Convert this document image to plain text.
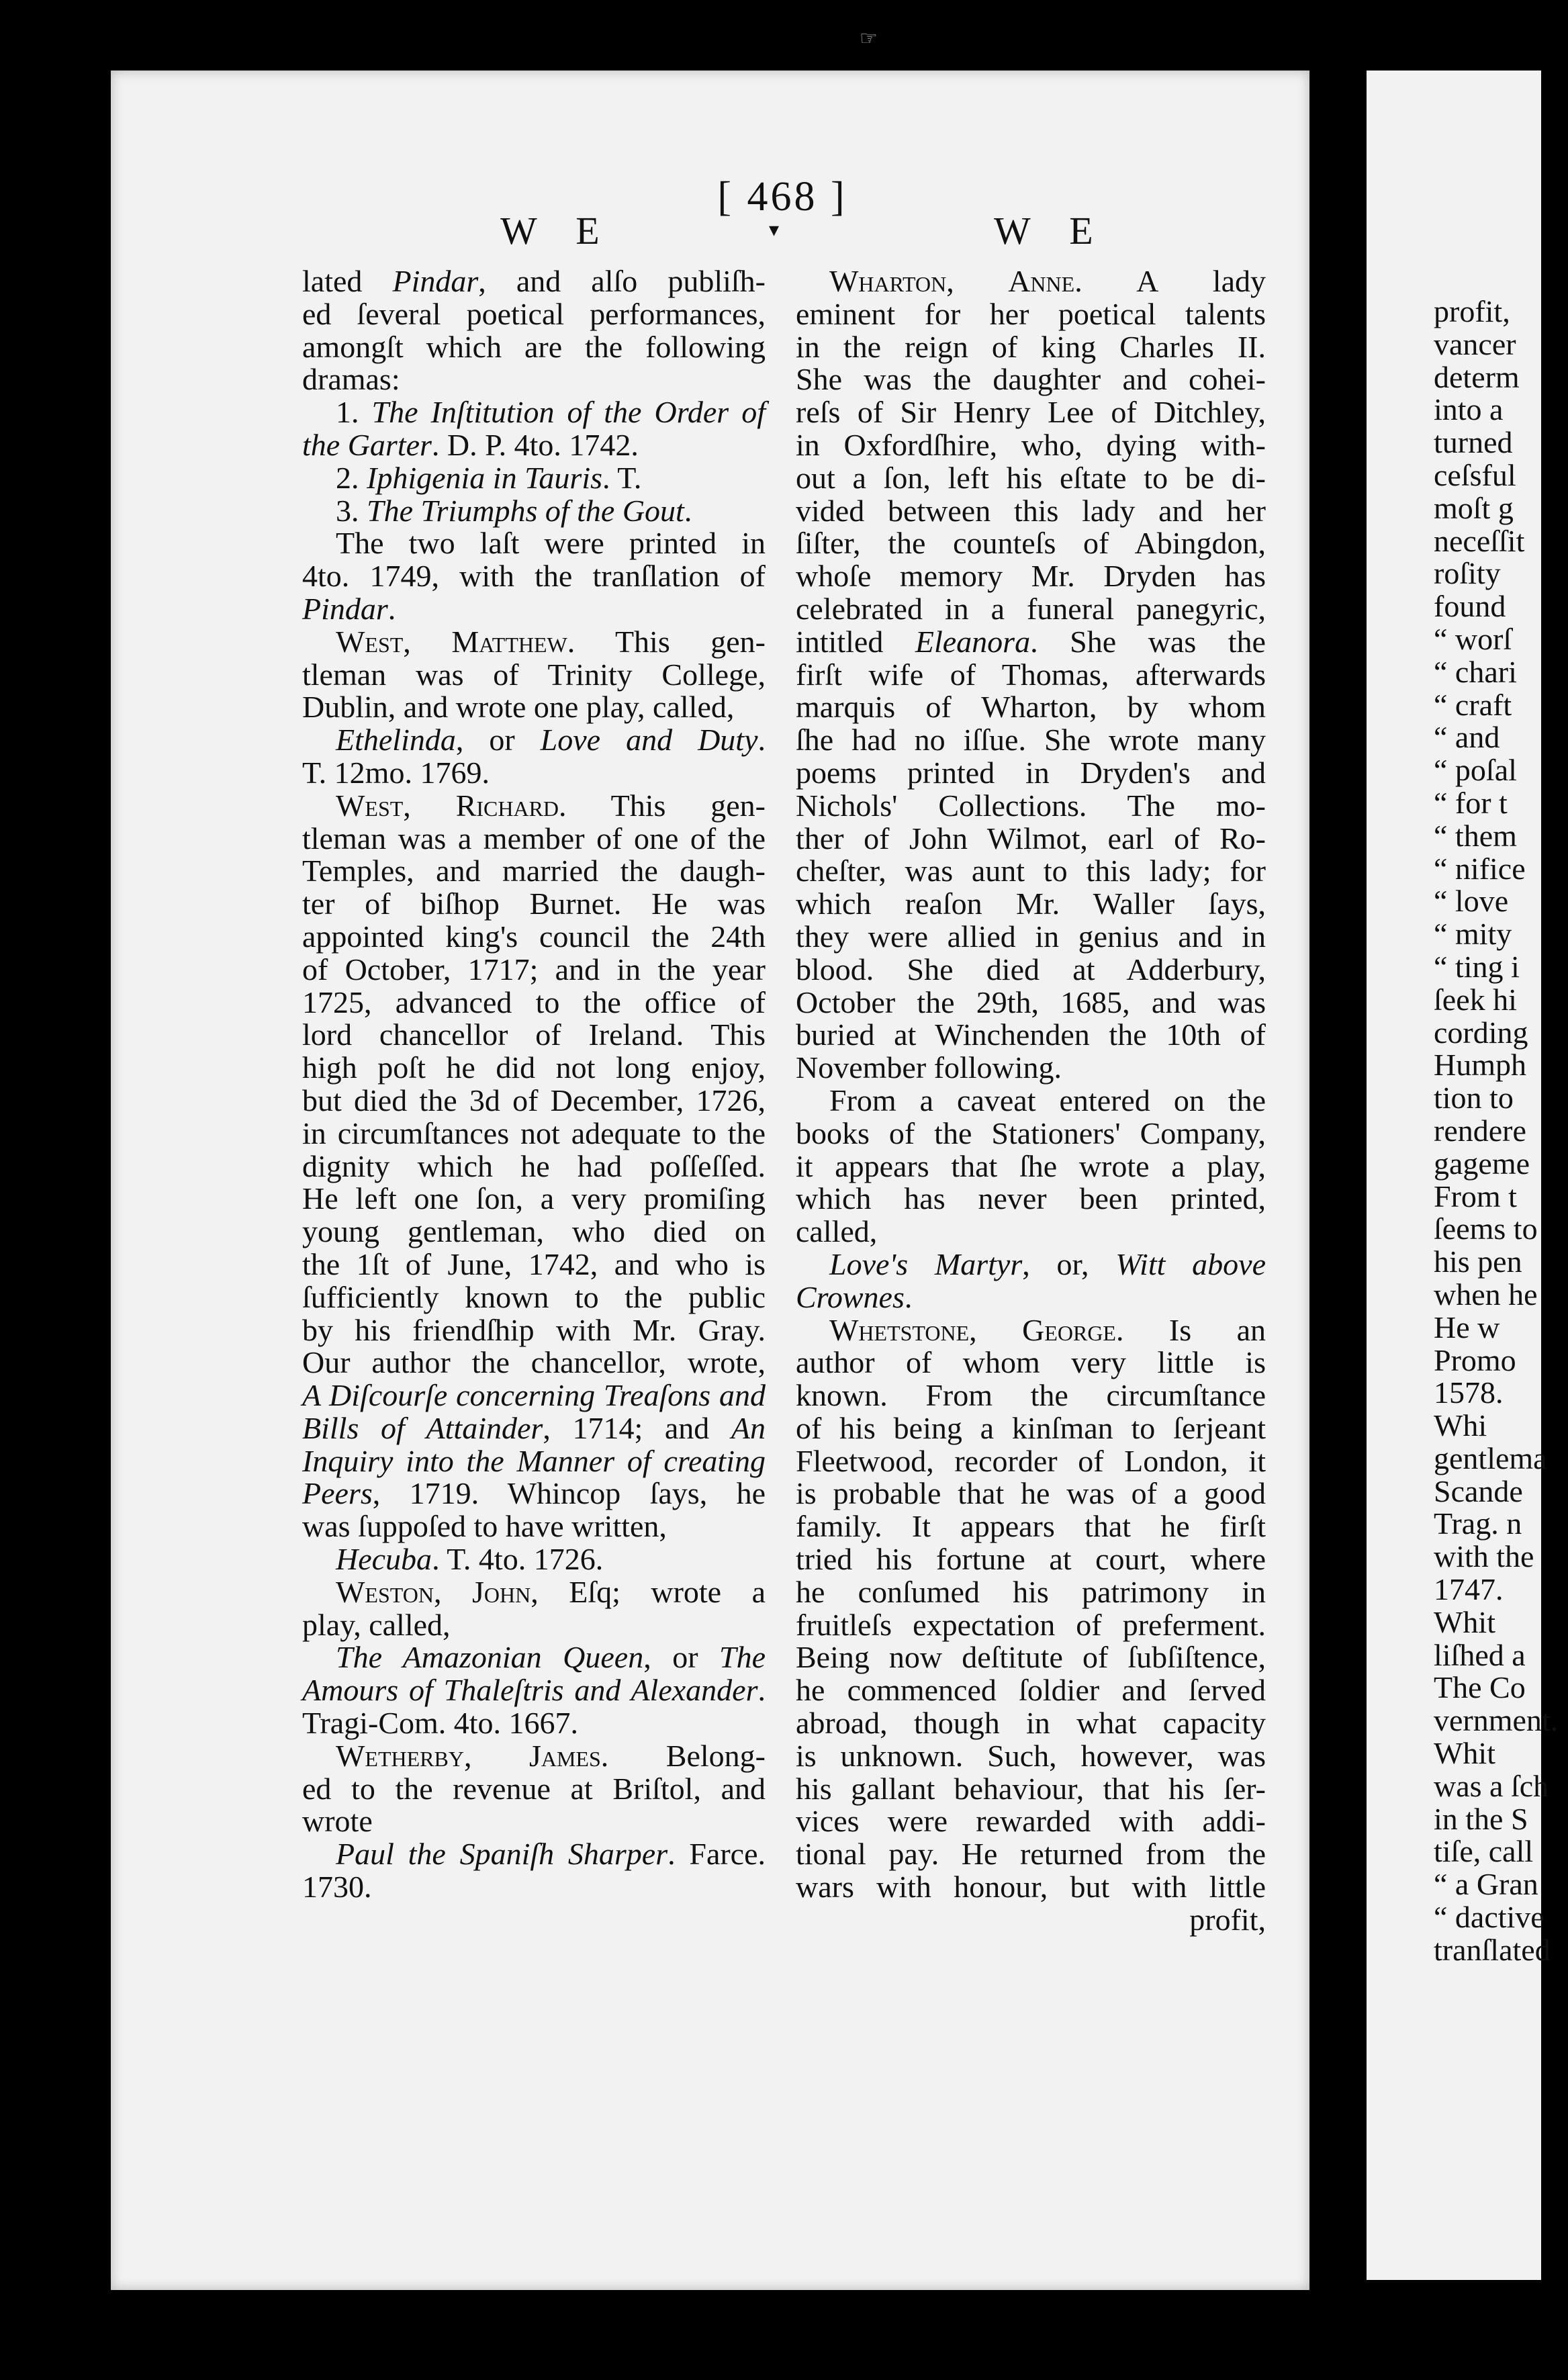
☞
[ 468 ]
W E	W E
▾

lated Pindar, and alſo publiſh-

ed ſeveral poetical performances,

amongſt which are the following

dramas:

1. The Inſtitution of the Order of

the Garter. D. P. 4to. 1742.

2. Iphigenia in Tauris. T.

3. The Triumphs of the Gout.

The two laſt were printed in

4to. 1749, with the tranſlation of

Pindar.

West, Matthew. This gen-

tleman was of Trinity College,

Dublin, and wrote one play, called,

Ethelinda, or Love and Duty.

T. 12mo. 1769.

West, Richard. This gen-

tleman was a member of one of the

Temples, and married the daugh-

ter of biſhop Burnet. He was

appointed king's council the 24th

of October, 1717; and in the year

1725, advanced to the office of

lord chancellor of Ireland. This

high poſt he did not long enjoy,

but died the 3d of December, 1726,

in circumſtances not adequate to the

dignity which he had poſſeſſed.

He left one ſon, a very promiſing

young gentleman, who died on

the 1ſt of June, 1742, and who is

ſufficiently known to the public

by his friendſhip with Mr. Gray.

Our author the chancellor, wrote,

A Diſcourſe concerning Treaſons and

Bills of Attainder, 1714; and An

Inquiry into the Manner of creating

Peers, 1719. Whincop ſays, he

was ſuppoſed to have written,

Hecuba. T. 4to. 1726.

Weston, John, Eſq; wrote a

play, called,

The Amazonian Queen, or The

Amours of Thaleſtris and Alexander.

Tragi-Com. 4to. 1667.

Wetherby, James. Belong-

ed to the revenue at Briſtol, and

wrote

Paul the Spaniſh Sharper. Farce.

1730.

Wharton, Anne. A lady

eminent for her poetical talents

in the reign of king Charles II.

She was the daughter and cohei-

reſs of Sir Henry Lee of Ditchley,

in Oxfordſhire, who, dying with-

out a ſon, left his eſtate to be di-

vided between this lady and her

ſiſter, the counteſs of Abingdon,

whoſe memory Mr. Dryden has

celebrated in a funeral panegyric,

intitled Eleanora. She was the

firſt wife of Thomas, afterwards

marquis of Wharton, by whom

ſhe had no iſſue. She wrote many

poems printed in Dryden's and

Nichols' Collections. The mo-

ther of John Wilmot, earl of Ro-

cheſter, was aunt to this lady; for

which reaſon Mr. Waller ſays,

they were allied in genius and in

blood. She died at Adderbury,

October the 29th, 1685, and was

buried at Winchenden the 10th of

November following.

From a caveat entered on the

books of the Stationers' Company,

it appears that ſhe wrote a play,

which has never been printed,

called,

Love's Martyr, or, Witt above

Crownes.

Whetstone, George. Is an

author of whom very little is

known. From the circumſtance

of his being a kinſman to ſerjeant

Fleetwood, recorder of London, it

is probable that he was of a good

family. It appears that he firſt

tried his fortune at court, where

he conſumed his patrimony in

fruitleſs expectation of preferment.

Being now deſtitute of ſubſiſtence,

he commenced ſoldier and ſerved

abroad, though in what capacity

is unknown. Such, however, was

his gallant behaviour, that his ſer-

vices were rewarded with addi-

tional pay. He returned from the

wars with honour, but with little

profit,

profit,
vancer
determ
into a
turned
ceſsful
moſt g
neceſſit
roſity
found
“ worſ
“ chari
“ craft
“ and
“ poſal
“ for t
“ them
“ nifice
“ love
“ mity
“ ting i
ſeek hi
cording
Humph
tion to
rendere
gageme
From t
ſeems to
his pen
when he
He w
Promo
1578.
Whi
gentlema
Scande
Trag. n
with the
1747.
Whit
liſhed a
The Co
vernment.
Whit
was a ſch
in the S
tiſe, call
“ a Gran
“ dactive
tranſlated
